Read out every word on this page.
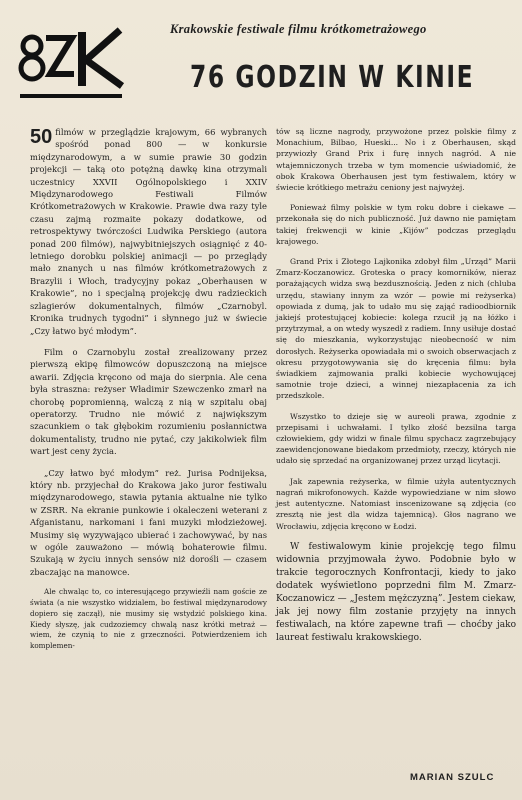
Krakowskie festiwale filmu krótkometrażowego
76 GODZIN W KINIE

50 filmów w przeglądzie krajowym, 66 wybranych spośród ponad 800 — w konkursie międzynarodowym, a w sumie prawie 30 godzin projekcji — taką oto potężną dawkę kina otrzymali uczestnicy XXVII Ogólnopolskiego i XXIV Międzynarodowego Festiwali Filmów Krótkometrażowych w Krakowie. Prawie dwa razy tyle czasu zajmą rozmaite pokazy dodatkowe, od retrospektywy twórczości Ludwika Perskiego (autora ponad 200 filmów), najwybitniejszych osiągnięć z 40-letniego dorobku polskiej animacji — po przeglądy mało znanych u nas filmów krótkometrażowych z Brazylii i Włoch, tradycyjny pokaz „Oberhausen w Krakowie”, no i specjalną projekcję dwu radzieckich szlagierów dokumentalnych, filmów „Czarnobyl. Kronika trudnych tygodni” i słynnego już w świecie „Czy łatwo być młodym”.

Film o Czarnobylu został zrealizowany przez pierwszą ekipę filmowców dopuszczoną na miejsce awarii. Zdjęcia kręcono od maja do sierpnia. Ale cena była straszna: reżyser Władimir Szewczenko zmarł na chorobę popromienną, walczą z nią w szpitalu obaj operatorzy. Trudno nie mówić z największym szacunkiem o tak głębokim rozumieniu posłannictwa dokumentalisty, trudno nie pytać, czy jakikolwiek film wart jest ceny życia.

„Czy łatwo być młodym” reż. Jurisa Podnijeksa, który nb. przyjechał do Krakowa jako juror festiwalu międzynarodowego, stawia pytania aktualne nie tylko w ZSRR. Na ekranie punkowie i okaleczeni weterani z Afganistanu, narkomani i fani muzyki młodzieżowej. Musimy się wyzywająco ubierać i zachowywać, by nas w ogóle zauważono — mówią bohaterowie filmu. Szukają w życiu innych sensów niż dorośli — czasem zbaczając na manowce.

Ale chwaląc to, co interesującego przywieźli nam goście ze świata (a nie wszystko widzialem, bo festiwal międzynarodowy dopiero się zaczął), nie musimy się wstydzić polskiego kina. Kiedy słyszę, jak cudzoziemcy chwalą nasz krótki metraż — wiem, że czynią to nie z grzeczności. Potwierdzeniem ich komplemen-

tów są liczne nagrody, przywożone przez polskie filmy z Monachium, Bilbao, Hueski... No i z Oberhausen, skąd przywiozły Grand Prix i furę innych nagród. A nie wtajemniczonych trzeba w tym momencie uświadomić, że obok Krakowa Oberhausen jest tym festiwalem, który w świecie krótkiego metrażu ceniony jest najwyżej.

Ponieważ filmy polskie w tym roku dobre i ciekawe — przekonała się do nich publiczność. Już dawno nie pamiętam takiej frekwencji w kinie „Kijów” podczas przeglądu krajowego.

Grand Prix i Złotego Lajkonika zdobył film „Urząd” Marii Zmarz-Koczanowicz. Groteska o pracy komorników, nieraz porażających widza swą bezdusznością. Jeden z nich (chluba urzędu, stawiany innym za wzór — powie mi reżyserka) opowiada z dumą, jak to udało mu się zająć radioodbiornik jakiejś protestującej kobiecie: kolega rzucił ją na łóżko i przytrzymał, a on wtedy wyszedł z radiem. Inny usiłuje dostać się do mieszkania, wykorzystując nieobecność w nim dorosłych. Reżyserka opowiadała mi o swoich obserwacjach z okresu przygotowywania się do kręcenia filmu: była świadkiem zajmowania pralki kobiecie wychowującej samotnie troje dzieci, a winnej niezapłacenia za ich przedszkole.

Wszystko to dzieje się w aureoli prawa, zgodnie z przepisami i uchwałami. I tylko złość bezsilna targa człowiekiem, gdy widzi w finale filmu spychacz zagrzebujący zaewidencjonowane biedakom przedmioty, rzeczy, których nie udało się sprzedać na organizowanej przez urząd licytacji.

Jak zapewnia reżyserka, w filmie użyła autentycznych nagrań mikrofonowych. Każde wypowiedziane w nim słowo jest autentyczne. Natomiast inscenizowane są zdjęcia (co zresztą nie jest dla widza tajemnicą). Głos nagrano we Wrocławiu, zdjęcia kręcono w Łodzi.

W festiwalowym kinie projekcję tego filmu widownia przyjmowała żywo. Podobnie było w trakcie tegorocznych Konfrontacji, kiedy to jako dodatek wyświetlono poprzedni film M. Zmarz-Koczanowicz — „Jestem mężczyzną”. Jestem ciekaw, jak jej nowy film zostanie przyjęty na innych festiwalach, na które zapewne trafi — choćby jako laureat festiwalu krakowskiego.

MARIAN SZULC
